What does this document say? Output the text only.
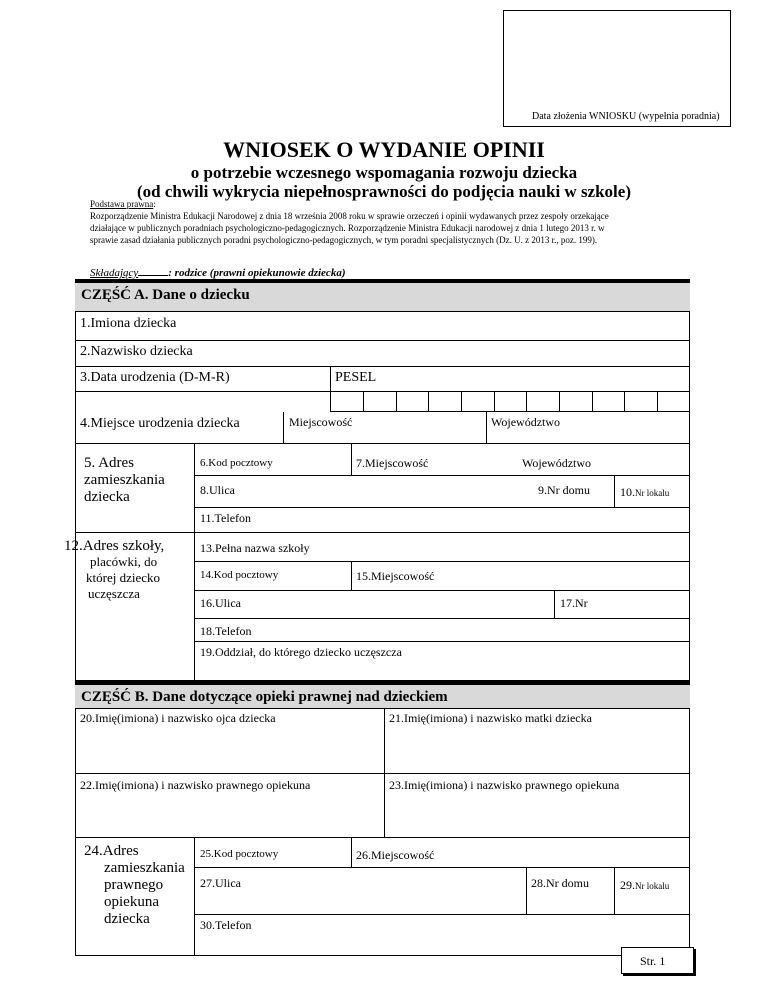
Data złożenia WNIOSKU (wypełnia poradnia)
WNIOSEK O WYDANIE OPINII
o potrzebie wczesnego wspomagania rozwoju dziecka
(od chwili wykrycia niepełnosprawności do podjęcia nauki w szkole)
Podstawa prawna:
Rozporządzenie Ministra Edukacji Narodowej z dnia 18 września 2008 roku w sprawie orzeczeń i opinii wydawanych przez zespoły orzekające
działające w publicznych poradniach psychologiczno-pedagogicznych. Rozporządzenie Ministra Edukacji narodowej z dnia 1 lutego 2013 r. w
sprawie zasad działania publicznych poradni psychologiczno-pedagogicznych, w tym poradni specjalistycznych (Dz. U. z 2013 r., poz. 199).
Składający	: rodzice (prawni opiekunowie dziecka)
CZĘŚĆ A. Dane o dziecku
1.Imiona dziecka
2.Nazwisko dziecka
3.Data urodzenia (D-M-R)	PESEL
4.Miejsce urodzenia dziecka	Miejscowość	Województwo
5. Adres zamieszkania dziecka
6.Kod pocztowy	7.Miejscowość	Województwo
8.Ulica	9.Nr domu	10.Nr lokalu
11.Telefon
12.Adres szkoły,
placówki, do
której dziecko
uczęszcza
13.Pełna nazwa szkoły
14.Kod pocztowy	15.Miejscowość
16.Ulica	17.Nr
18.Telefon
19.Oddział, do którego dziecko uczęszcza
CZĘŚĆ B. Dane dotyczące opieki prawnej nad dzieckiem
20.Imię(imiona) i nazwisko ojca dziecka	21.Imię(imiona) i nazwisko matki dziecka
22.Imię(imiona) i nazwisko prawnego opiekuna	23.Imię(imiona) i nazwisko prawnego opiekuna
24.Adres
zamieszkania
prawnego
opiekuna
dziecka
25.Kod pocztowy	26.Miejscowość
27.Ulica	28.Nr domu	29.Nr lokalu
30.Telefon
Str. 1
